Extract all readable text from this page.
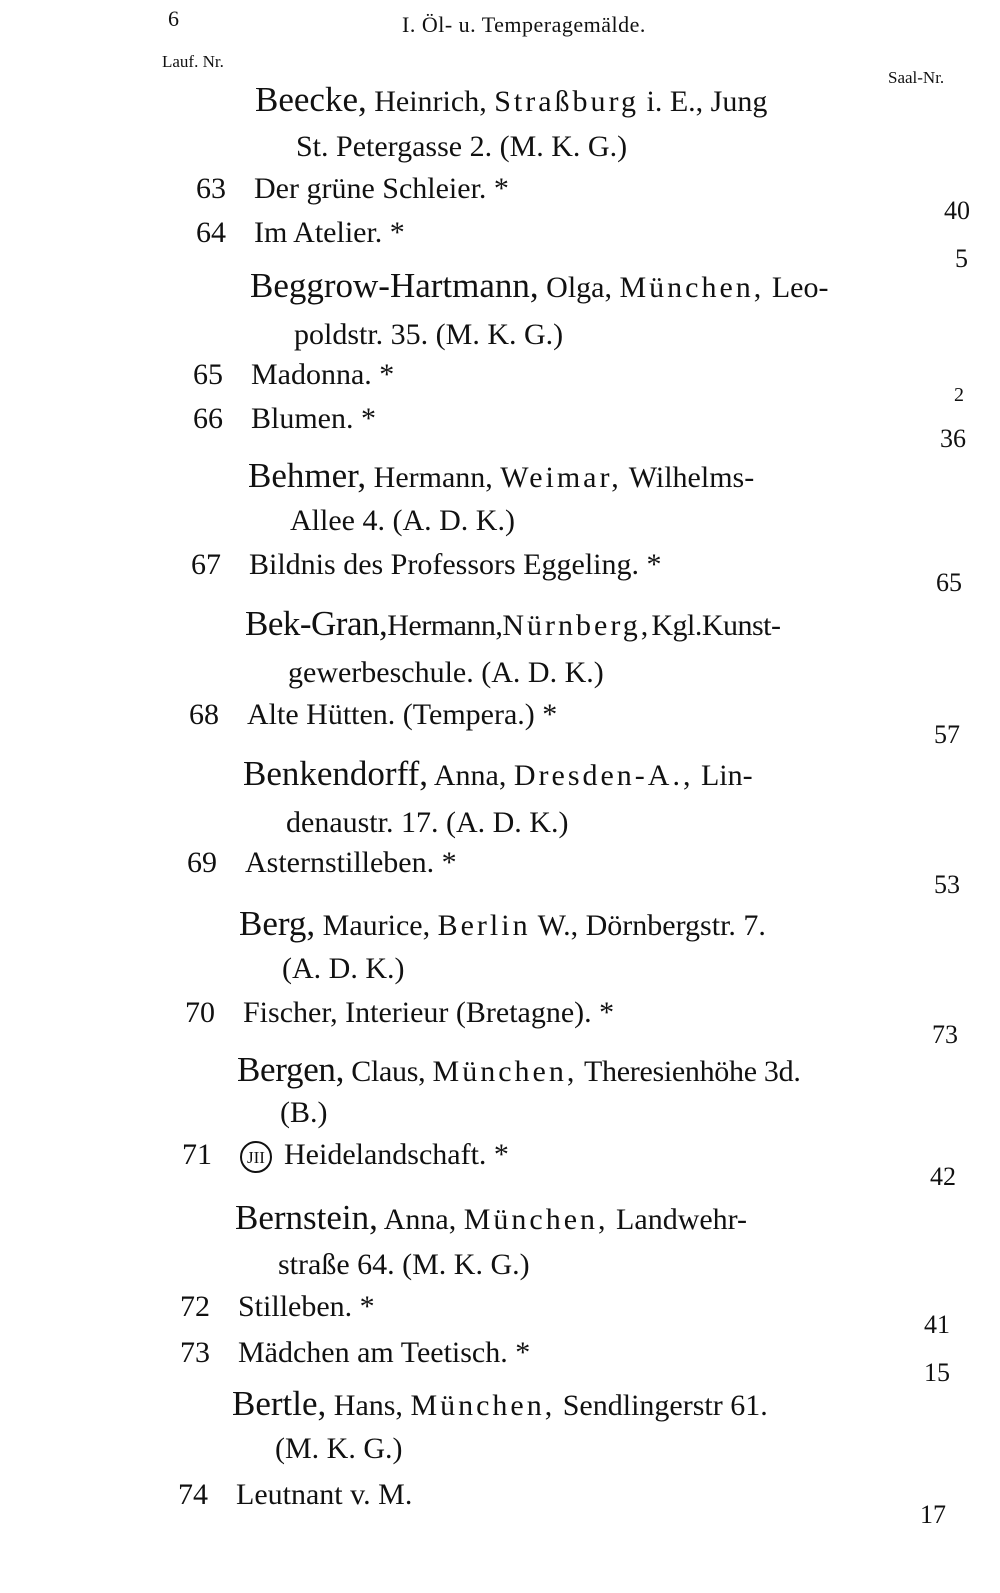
6	I. Öl- u. Temperagemälde.
Lauf. Nr.
Saal-Nr.
Beecke, Heinrich, Straßburg i. E., Jung
St. Petergasse 2. (M. K. G.)
63 Der grüne Schleier. *
40
64 Im Atelier. *
5
Beggrow-Hartmann, Olga, München, Leo-
poldstr. 35. (M. K. G.)
65 Madonna. *
2
66 Blumen. *
36
Behmer, Hermann, Weimar, Wilhelms-
Allee 4. (A. D. K.)
67 Bildnis des Professors Eggeling. *
65
Bek-Gran,Hermann,Nürnberg,Kgl.Kunst-
gewerbeschule. (A. D. K.)
68 Alte Hütten. (Tempera.) *
57
Benkendorff, Anna, Dresden-A., Lin-
denaustr. 17. (A. D. K.)
69 Asternstilleben. *
53
Berg, Maurice, Berlin W., Dörnbergstr. 7.
(A. D. K.)
70 Fischer, Interieur (Bretagne). *
73
Bergen, Claus, München, Theresienhöhe 3d.
(B.)
71 JII Heidelandschaft. *
42
Bernstein, Anna, München, Landwehr-
straße 64. (M. K. G.)
72 Stilleben. *
41
73 Mädchen am Teetisch. *
15
Bertle, Hans, München, Sendlingerstr 61.
(M. K. G.)
74 Leutnant v. M.
17
